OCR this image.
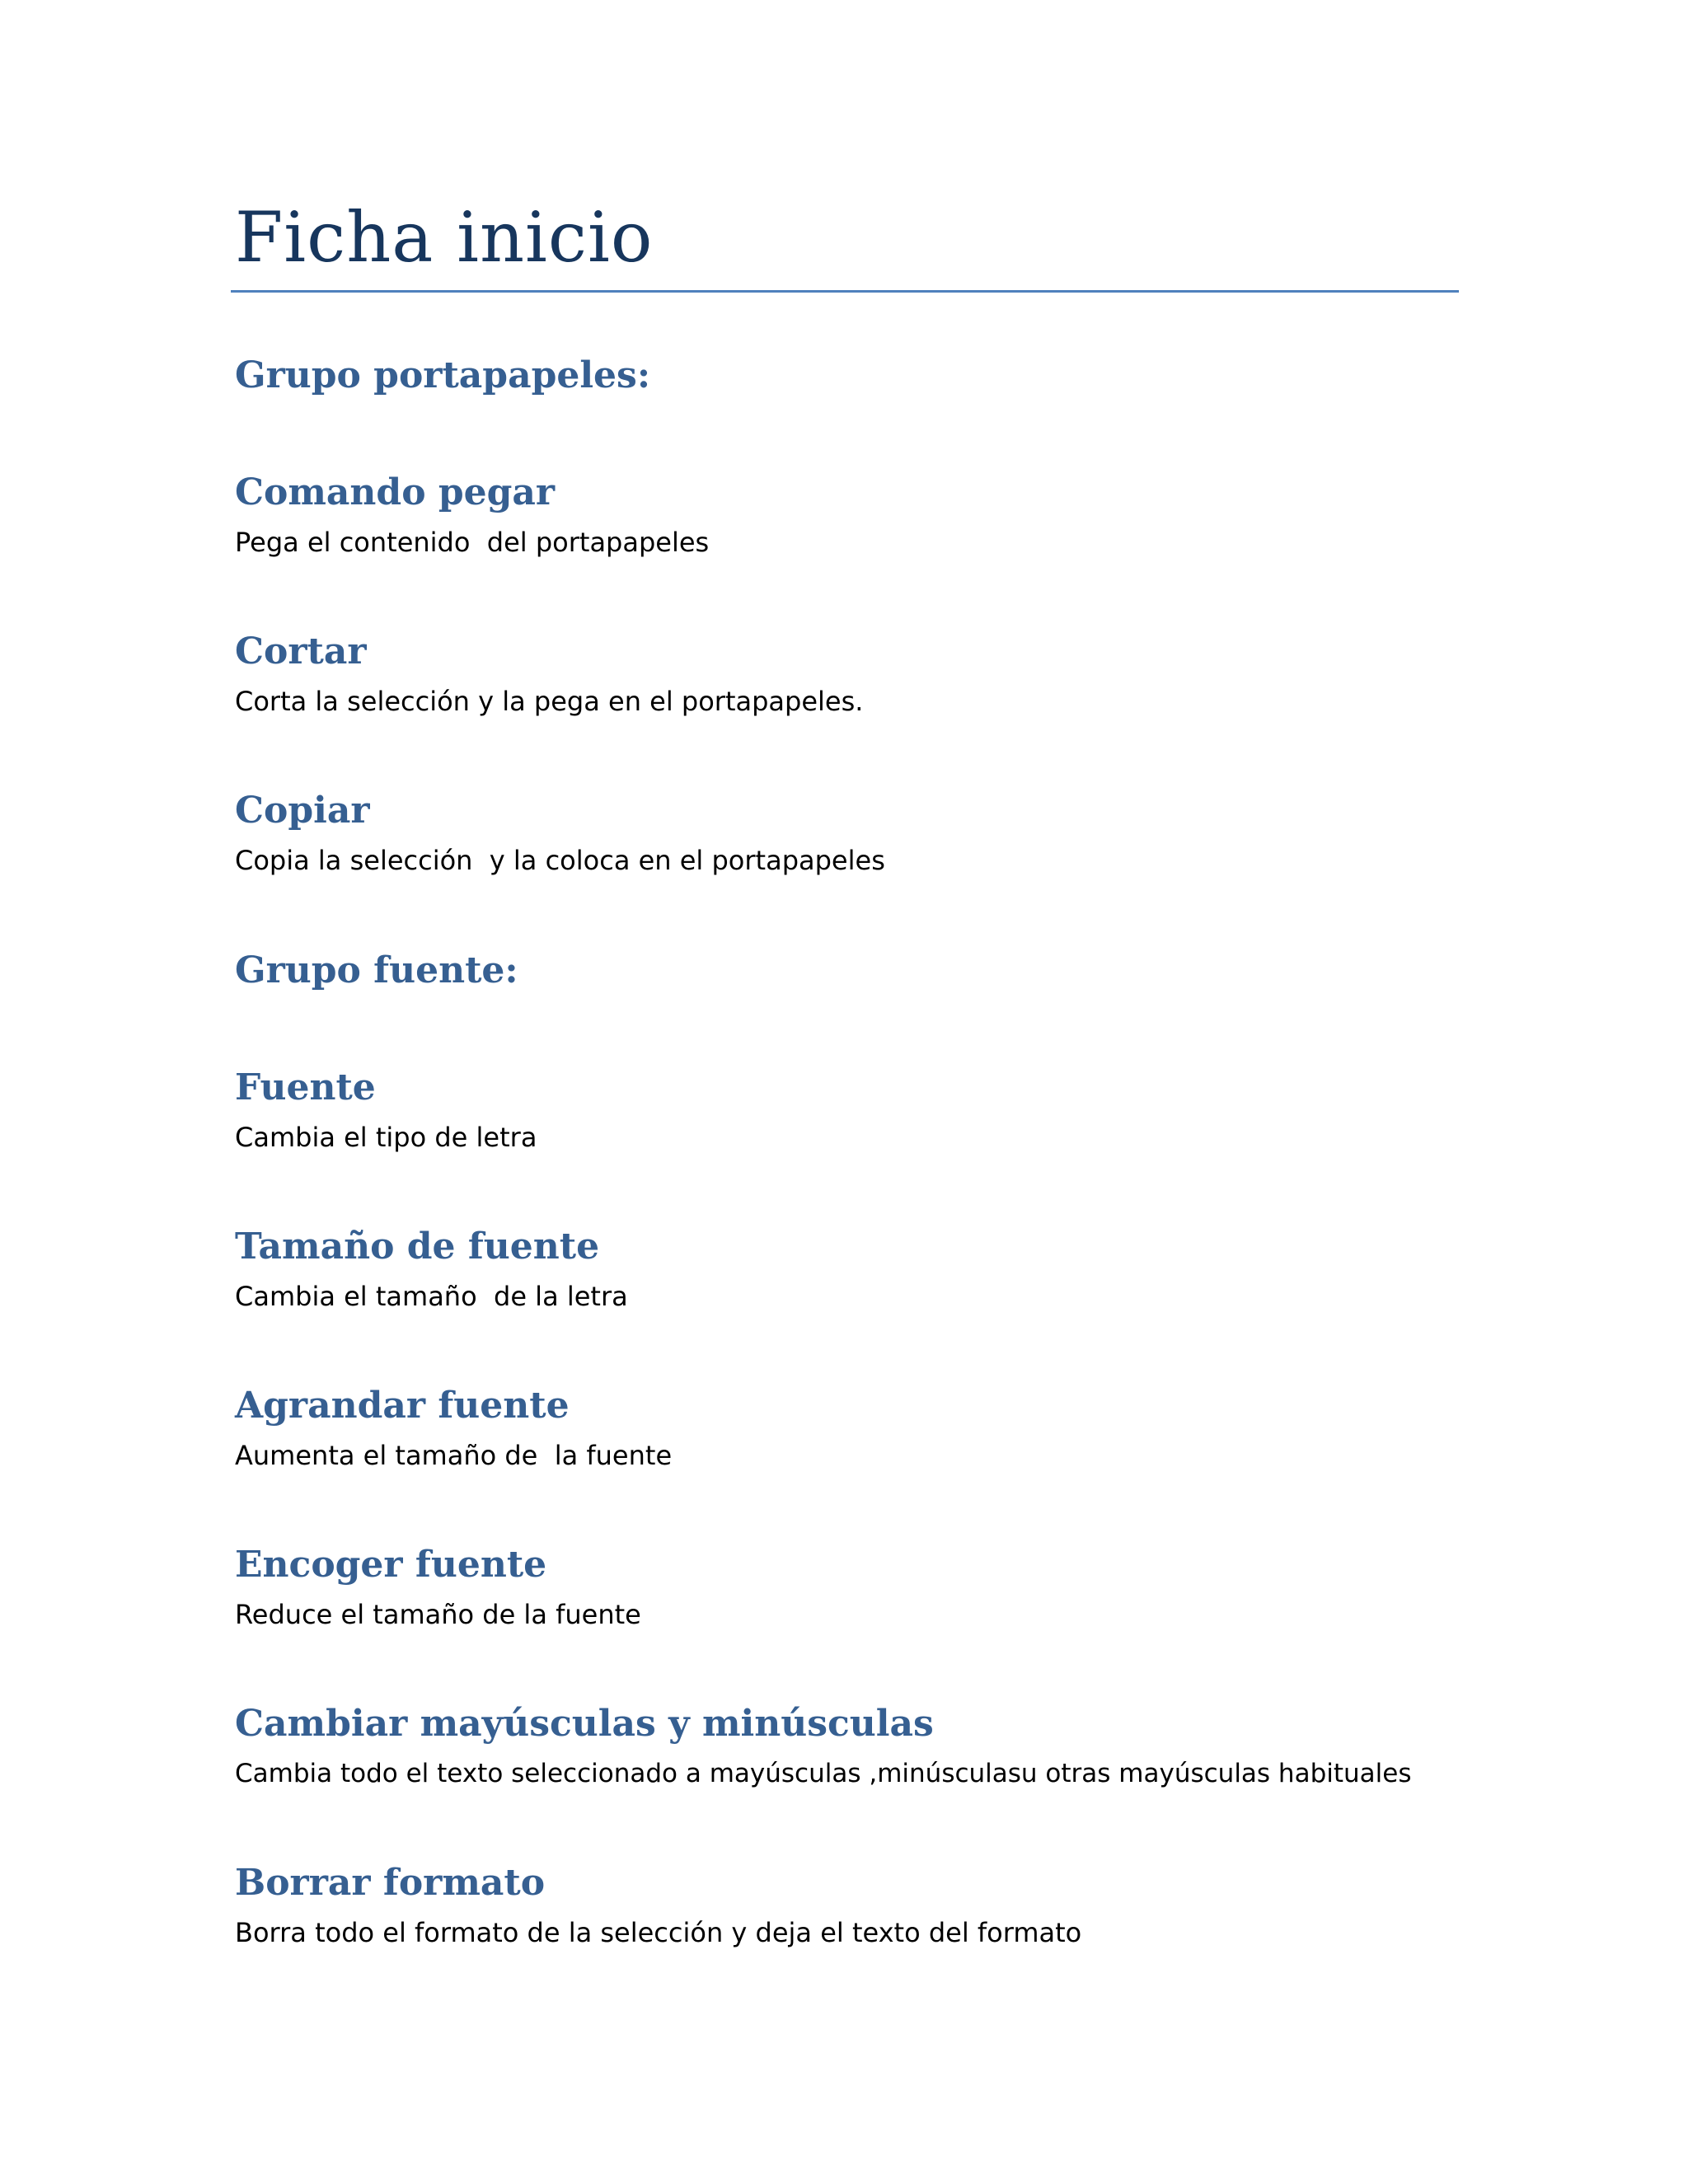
Ficha inicio
Grupo portapapeles:
Comando pegar

Pega el contenido  del portapapeles

Cortar

Corta la selección y la pega en el portapapeles.

Copiar

Copia la selección  y la coloca en el portapapeles

Grupo fuente:
Fuente

Cambia el tipo de letra

Tamaño de fuente

Cambia el tamaño  de la letra

Agrandar fuente

Aumenta el tamaño de  la fuente

Encoger fuente

Reduce el tamaño de la fuente

Cambiar mayúsculas y minúsculas

Cambia todo el texto seleccionado a mayúsculas ,minúsculasu otras mayúsculas habituales

Borrar formato

Borra todo el formato de la selección y deja el texto del formato
